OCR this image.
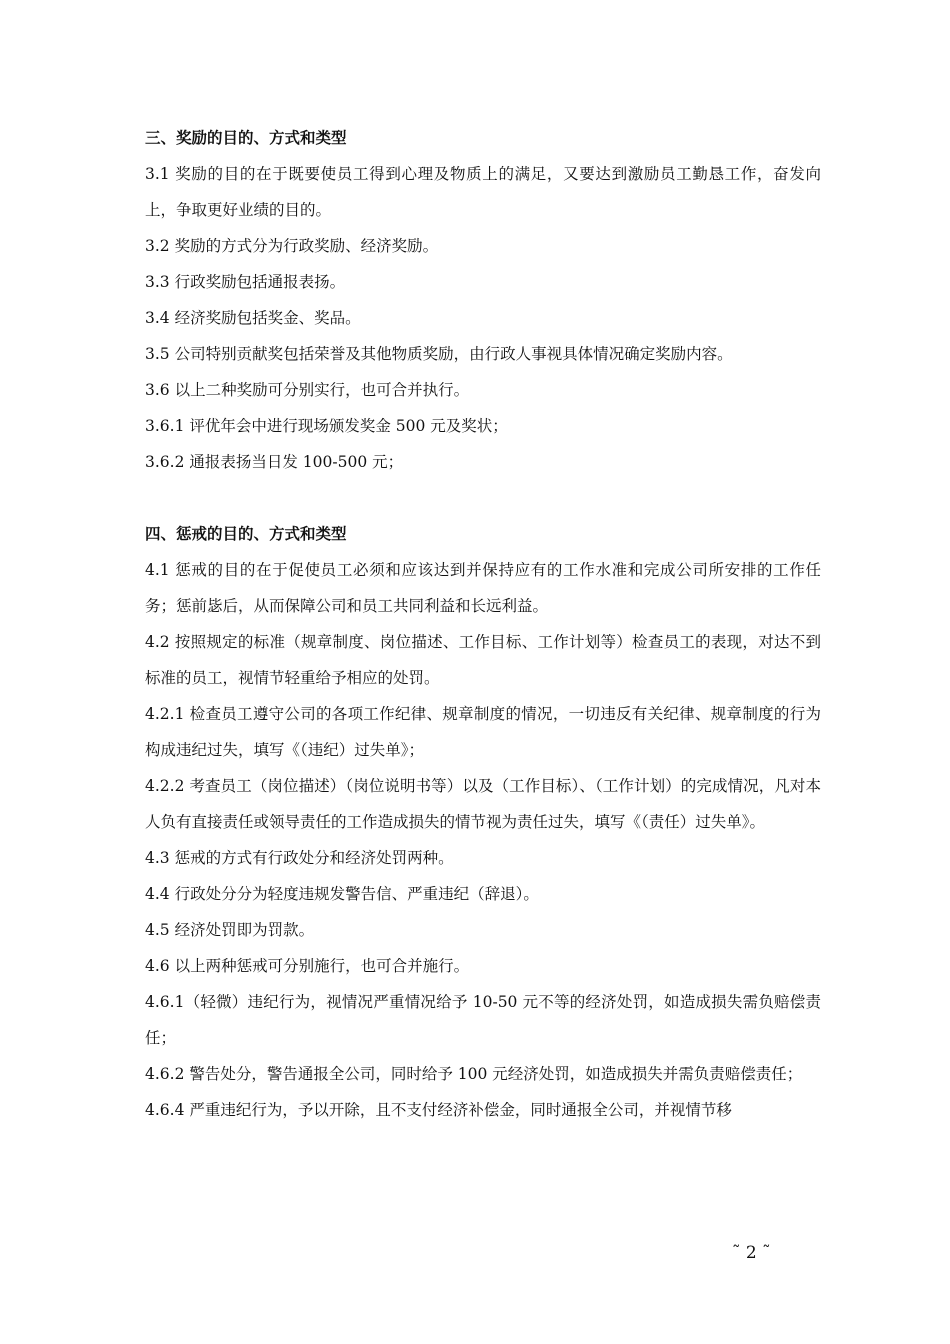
三、奖励的目的、方式和类型
3.1 奖励的目的在于既要使员工得到心理及物质上的满足，又要达到激励员工勤恳工作，奋发向上，争取更好业绩的目的。
3.2 奖励的方式分为行政奖励、经济奖励。
3.3 行政奖励包括通报表扬。
3.4 经济奖励包括奖金、奖品。
3.5 公司特别贡献奖包括荣誉及其他物质奖励，由行政人事视具体情况确定奖励内容。
3.6 以上二种奖励可分别实行，也可合并执行。
3.6.1 评优年会中进行现场颁发奖金 500 元及奖状；
3.6.2 通报表扬当日发 100-500 元；
四、惩戒的目的、方式和类型
4.1 惩戒的目的在于促使员工必须和应该达到并保持应有的工作水准和完成公司所安排的工作任务；惩前毖后，从而保障公司和员工共同利益和长远利益。
4.2 按照规定的标准（规章制度、岗位描述、工作目标、工作计划等）检查员工的表现，对达不到标准的员工，视情节轻重给予相应的处罚。
4.2.1 检查员工遵守公司的各项工作纪律、规章制度的情况，一切违反有关纪律、规章制度的行为构成违纪过失，填写《（违纪）过失单》；
4.2.2 考查员工（岗位描述）（岗位说明书等）以及（工作目标）、（工作计划）的完成情况，凡对本人负有直接责任或领导责任的工作造成损失的情节视为责任过失，填写《（责任）过失单》。
4.3 惩戒的方式有行政处分和经济处罚两种。
4.4 行政处分分为轻度违规发警告信、严重违纪（辞退）。
4.5 经济处罚即为罚款。
4.6 以上两种惩戒可分别施行，也可合并施行。
4.6.1（轻微）违纪行为，视情况严重情况给予 10-50 元不等的经济处罚，如造成损失需负赔偿责任；
4.6.2 警告处分，警告通报全公司，同时给予 100 元经济处罚，如造成损失并需负责赔偿责任；
4.6.4 严重违纪行为，予以开除，且不支付经济补偿金，同时通报全公司，并视情节移
˜ 2 ˜
